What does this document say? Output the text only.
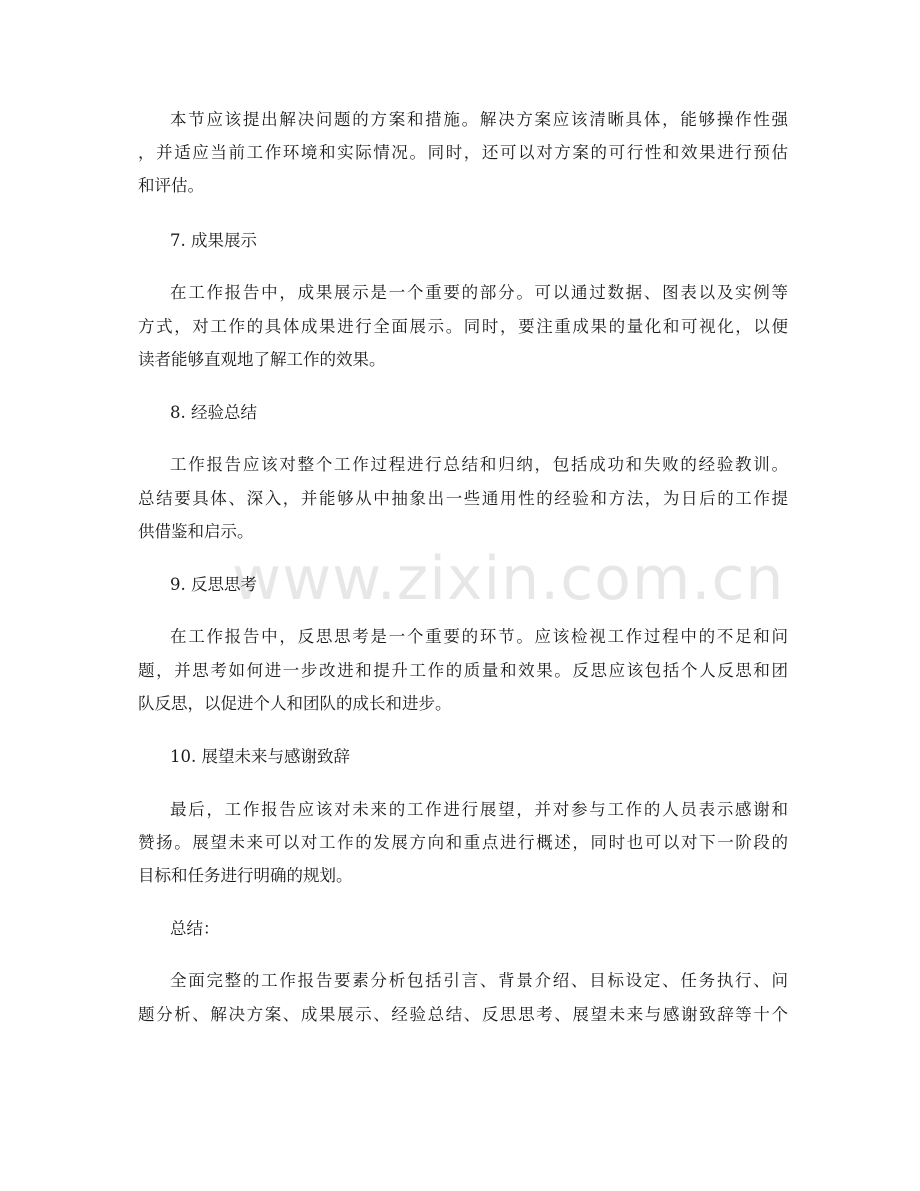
本节应该提出解决问题的方案和措施。解决方案应该清晰具体，能够操作性强
，并适应当前工作环境和实际情况。同时，还可以对方案的可行性和效果进行预估
和评估。
7. 成果展示
在工作报告中，成果展示是一个重要的部分。可以通过数据、图表以及实例等
方式，对工作的具体成果进行全面展示。同时，要注重成果的量化和可视化，以便
读者能够直观地了解工作的效果。
8. 经验总结
工作报告应该对整个工作过程进行总结和归纳，包括成功和失败的经验教训。
总结要具体、深入，并能够从中抽象出一些通用性的经验和方法，为日后的工作提
供借鉴和启示。
9. 反思思考
在工作报告中，反思思考是一个重要的环节。应该检视工作过程中的不足和问
题，并思考如何进一步改进和提升工作的质量和效果。反思应该包括个人反思和团
队反思，以促进个人和团队的成长和进步。
10. 展望未来与感谢致辞
最后，工作报告应该对未来的工作进行展望，并对参与工作的人员表示感谢和
赞扬。展望未来可以对工作的发展方向和重点进行概述，同时也可以对下一阶段的
目标和任务进行明确的规划。
总结：
全面完整的工作报告要素分析包括引言、背景介绍、目标设定、任务执行、问
题分析、解决方案、成果展示、经验总结、反思思考、展望未来与感谢致辞等十个
www.zixin.com.cn
